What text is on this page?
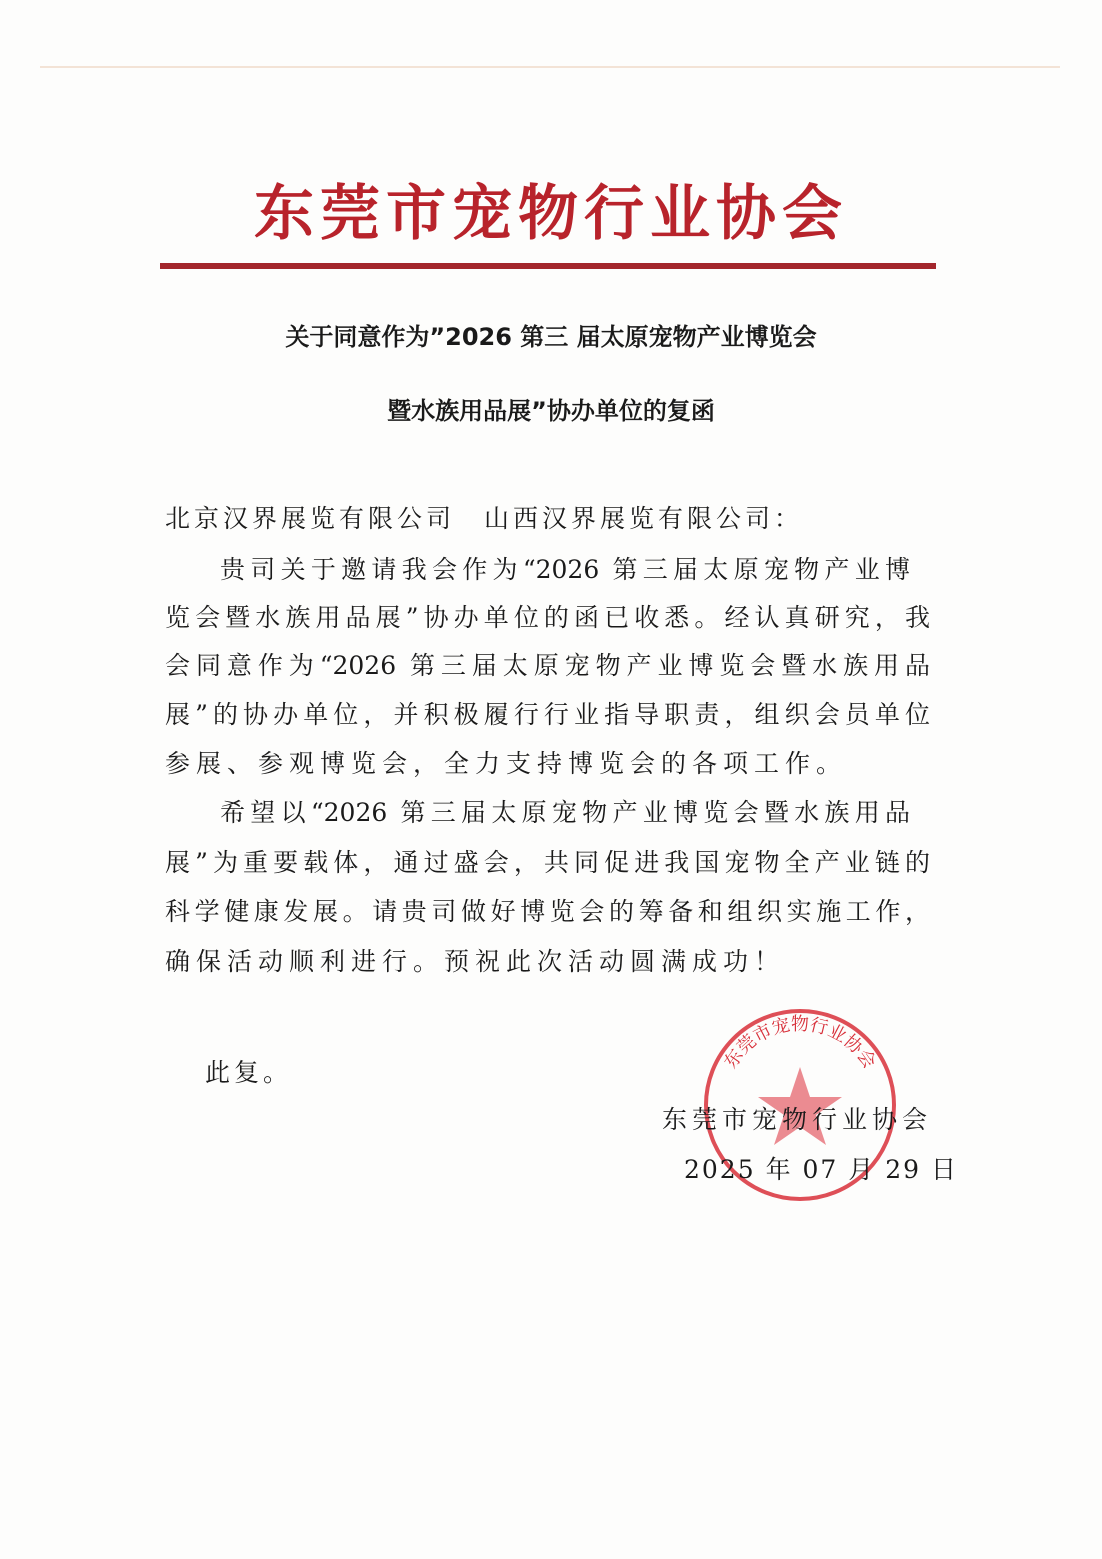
东莞市宠物行业协会
关于同意作为”2026 第三 届太原宠物产业博览会
暨水族用品展”协办单位的复函
北京汉界展览有限公司　山西汉界展览有限公司：
贵司关于邀请我会作为“2026 第三届太原宠物产业博
览会暨水族用品展”协办单位的函已收悉。经认真研究，我
会同意作为“2026 第三届太原宠物产业博览会暨水族用品
展”的协办单位，并积极履行行业指导职责，组织会员单位
参展、参观博览会，全力支持博览会的各项工作。
希望以“2026 第三届太原宠物产业博览会暨水族用品
展”为重要载体，通过盛会，共同促进我国宠物全产业链的
科学健康发展。请贵司做好博览会的筹备和组织实施工作，
确保活动顺利进行。预祝此次活动圆满成功！
此复。	东莞市宠物行业协会
东莞市宠物行业协会
2025 年 07 月 29 日
